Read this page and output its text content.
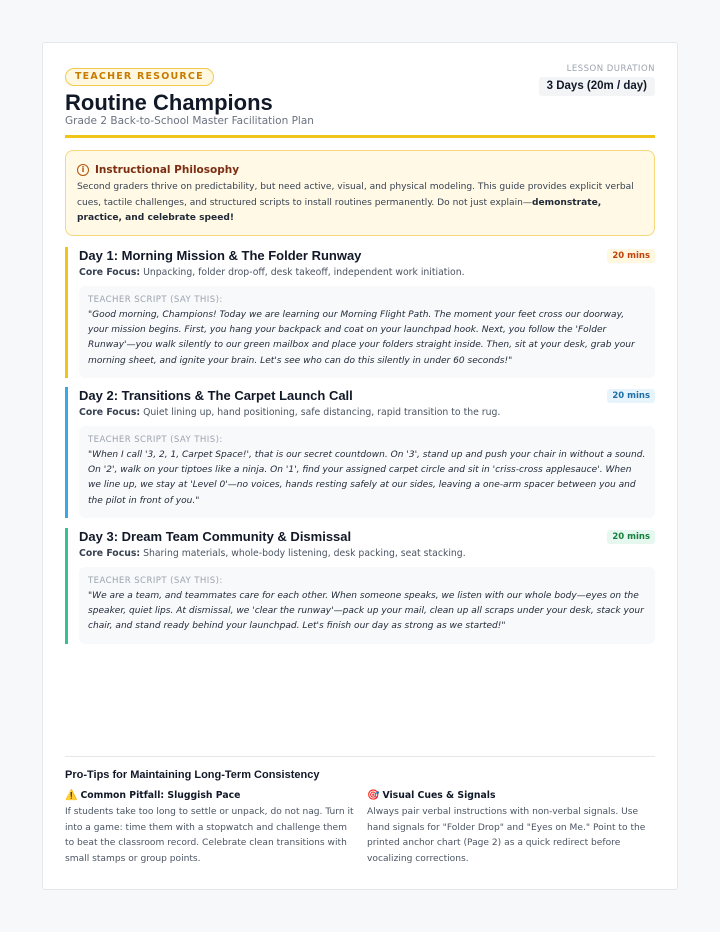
TEACHER RESOURCE
Routine Champions
Grade 2 Back-to-School Master Facilitation Plan
LESSON DURATION
3 Days (20m / day)
i	Instructional Philosophy
Second graders thrive on predictability, but need active, visual, and physical modeling. This guide provides explicit verbal cues, tactile challenges, and structured scripts to install routines permanently. Do not just explain—demonstrate, practice, and celebrate speed!
Day 1: Morning Mission & The Folder Runway	20 mins
Core Focus: Unpacking, folder drop-off, desk takeoff, independent work initiation.
TEACHER SCRIPT (SAY THIS):
"Good morning, Champions! Today we are learning our Morning Flight Path. The moment your feet cross our doorway, your mission begins. First, you hang your backpack and coat on your launchpad hook. Next, you follow the 'Folder Runway'—you walk silently to our green mailbox and place your folders straight inside. Then, sit at your desk, grab your morning sheet, and ignite your brain. Let's see who can do this silently in under 60 seconds!"
Day 2: Transitions & The Carpet Launch Call	20 mins
Core Focus: Quiet lining up, hand positioning, safe distancing, rapid transition to the rug.
TEACHER SCRIPT (SAY THIS):
"When I call '3, 2, 1, Carpet Space!', that is our secret countdown. On '3', stand up and push your chair in without a sound. On '2', walk on your tiptoes like a ninja. On '1', find your assigned carpet circle and sit in 'criss-cross applesauce'. When we line up, we stay at 'Level 0'—no voices, hands resting safely at our sides, leaving a one-arm spacer between you and the pilot in front of you."
Day 3: Dream Team Community & Dismissal	20 mins
Core Focus: Sharing materials, whole-body listening, desk packing, seat stacking.
TEACHER SCRIPT (SAY THIS):
"We are a team, and teammates care for each other. When someone speaks, we listen with our whole body—eyes on the speaker, quiet lips. At dismissal, we 'clear the runway'—pack up your mail, clean up all scraps under your desk, stack your chair, and stand ready behind your launchpad. Let's finish our day as strong as we started!"
Pro-Tips for Maintaining Long-Term Consistency
⚠️ Common Pitfall: Sluggish Pace
If students take too long to settle or unpack, do not nag. Turn it into a game: time them with a stopwatch and challenge them to beat the classroom record. Celebrate clean transitions with small stamps or group points.
🎯 Visual Cues & Signals
Always pair verbal instructions with non-verbal signals. Use hand signals for "Folder Drop" and "Eyes on Me." Point to the printed anchor chart (Page 2) as a quick redirect before vocalizing corrections.
